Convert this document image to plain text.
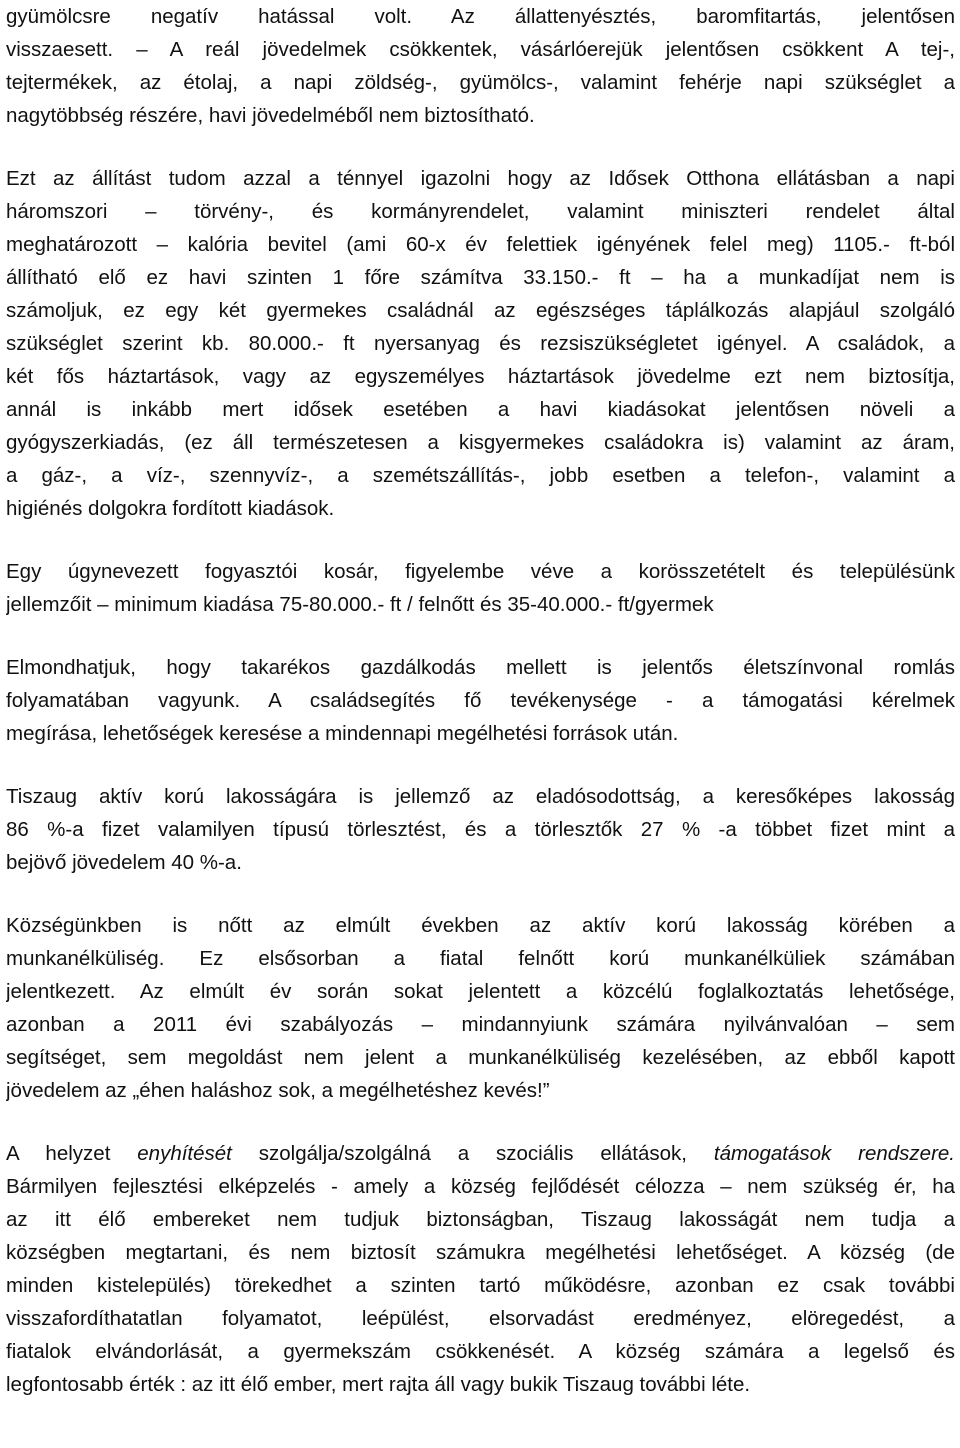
gyümölcsre negatív hatással volt. Az állattenyésztés, baromfitartás, jelentősen
visszaesett. – A reál jövedelmek csökkentek, vásárlóerejük jelentősen csökkent A tej-,
tejtermékek, az étolaj, a napi zöldség-, gyümölcs-, valamint fehérje napi szükséglet a
nagytöbbség részére, havi jövedelméből nem biztosítható.
Ezt az állítást tudom azzal a ténnyel igazolni hogy az Idősek Otthona ellátásban a napi
háromszori – törvény-, és kormányrendelet, valamint miniszteri rendelet által
meghatározott – kalória bevitel (ami 60-x év felettiek igényének felel meg) 1105.- ft-ból
állítható elő ez havi szinten 1 főre számítva 33.150.- ft – ha a munkadíjat nem is
számoljuk, ez egy két gyermekes családnál az egészséges táplálkozás alapjául szolgáló
szükséglet szerint kb. 80.000.- ft nyersanyag és rezsiszükségletet igényel. A családok, a
két fős háztartások, vagy az egyszemélyes háztartások jövedelme ezt nem biztosítja,
annál is inkább mert idősek esetében a havi kiadásokat jelentősen növeli a
gyógyszerkiadás, (ez áll természetesen a kisgyermekes családokra is) valamint az áram,
a gáz-, a víz-, szennyvíz-, a szemétszállítás-, jobb esetben a telefon-, valamint a
higiénés dolgokra fordított kiadások.
Egy úgynevezett fogyasztói kosár, figyelembe véve a korösszetételt és településünk
jellemzőit – minimum kiadása 75-80.000.- ft / felnőtt és 35-40.000.- ft/gyermek
Elmondhatjuk, hogy takarékos gazdálkodás mellett is jelentős életszínvonal romlás
folyamatában vagyunk. A családsegítés fő tevékenysége - a támogatási kérelmek
megírása, lehetőségek keresése a mindennapi megélhetési források után.
Tiszaug aktív korú lakosságára is jellemző az eladósodottság, a keresőképes lakosság
86 %-a fizet valamilyen típusú törlesztést, és a törlesztők 27 % -a többet fizet mint a
bejövő jövedelem 40 %-a.
Községünkben is nőtt az elmúlt években az aktív korú lakosság körében a
munkanélküliség. Ez elsősorban a fiatal felnőtt korú munkanélküliek számában
jelentkezett. Az elmúlt év során sokat jelentett a közcélú foglalkoztatás lehetősége,
azonban a 2011 évi szabályozás – mindannyiunk számára nyilvánvalóan – sem
segítséget, sem megoldást nem jelent a munkanélküliség kezelésében, az ebből kapott
jövedelem az „éhen haláshoz sok, a megélhetéshez kevés!”
A helyzet enyhítését szolgálja/szolgálná a szociális ellátások, támogatások rendszere.
Bármilyen fejlesztési elképzelés - amely a község fejlődését célozza – nem szükség ér, ha
az itt élő embereket nem tudjuk biztonságban, Tiszaug lakosságát nem tudja a
községben megtartani, és nem biztosít számukra megélhetési lehetőséget. A község (de
minden kistelepülés) törekedhet a szinten tartó működésre, azonban ez csak további
visszafordíthatatlan folyamatot, leépülést, elsorvadást eredményez, elöregedést, a
fiatalok elvándorlását, a gyermekszám csökkenését. A község számára a legelső és
legfontosabb érték : az itt élő ember, mert rajta áll vagy bukik Tiszaug további léte.
